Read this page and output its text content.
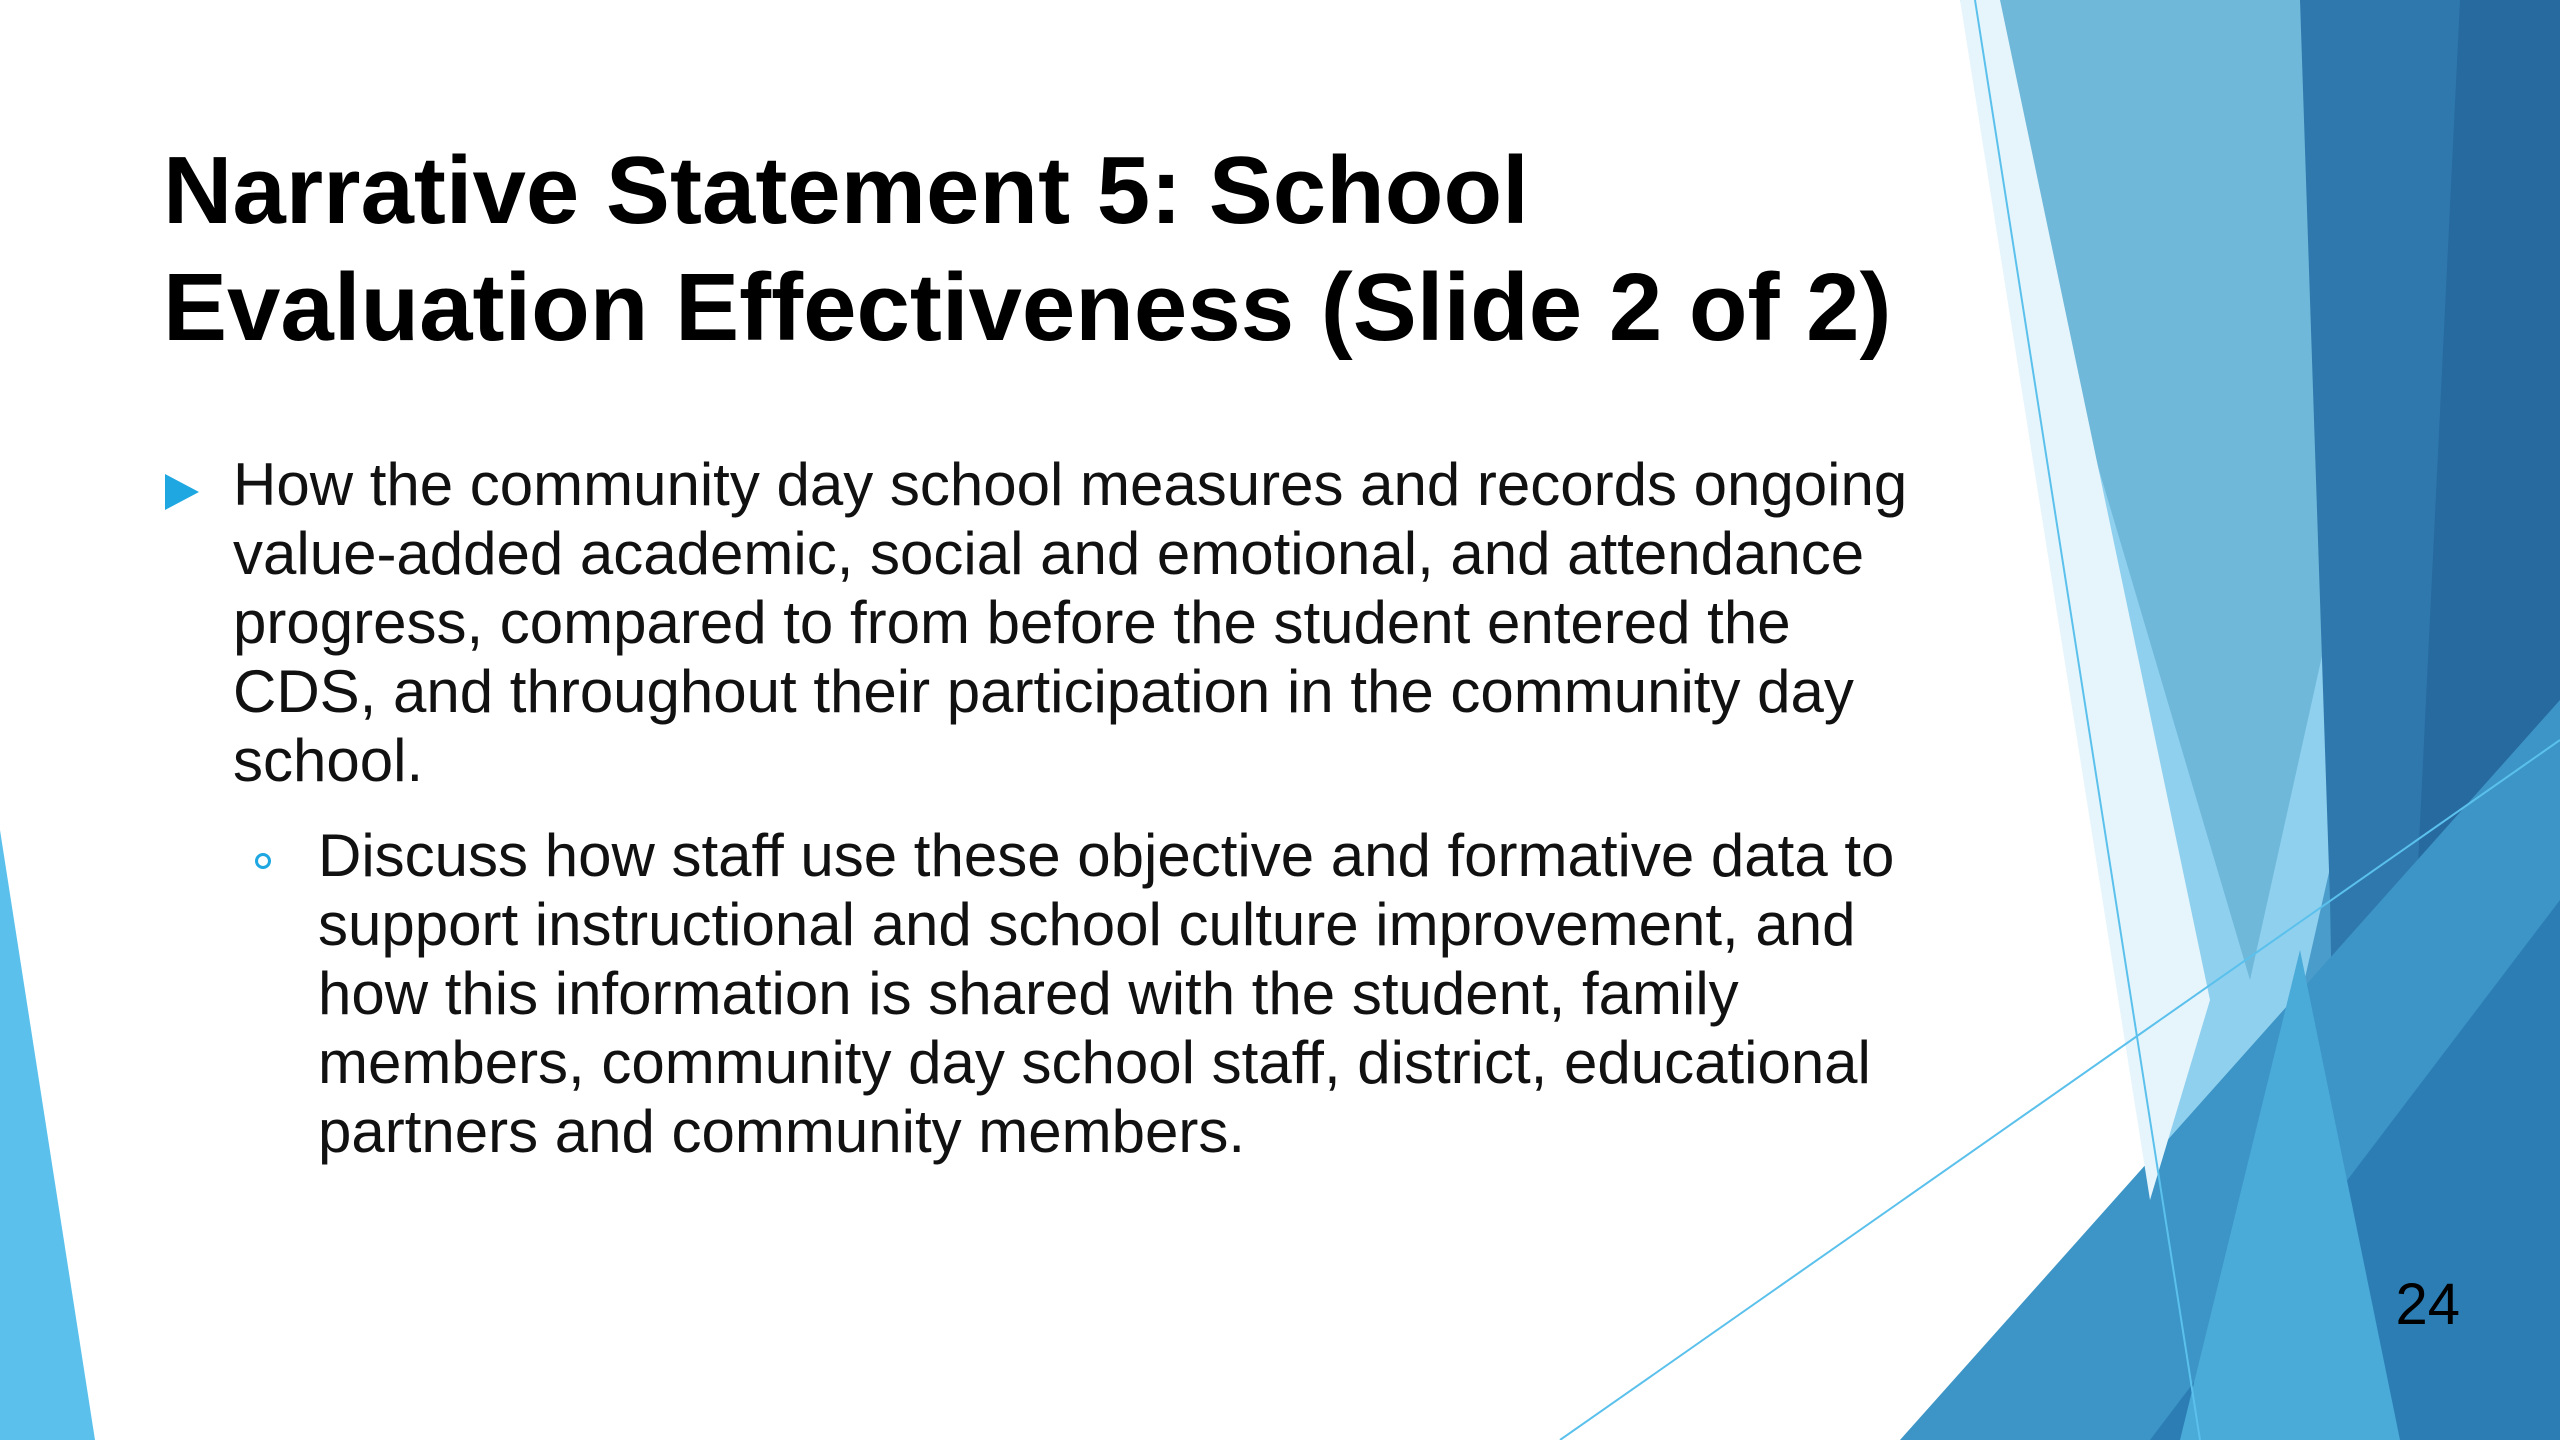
Narrative Statement 5: School Evaluation Effectiveness (Slide 2 of 2)
How the community day school measures and records ongoing value-added academic, social and emotional, and attendance progress, compared to from before the student entered the CDS, and throughout their participation in the community day school.
Discuss how staff use these objective and formative data to support instructional and school culture improvement, and how this information is shared with the student, family members, community day school staff, district, educational partners and community members.
24
